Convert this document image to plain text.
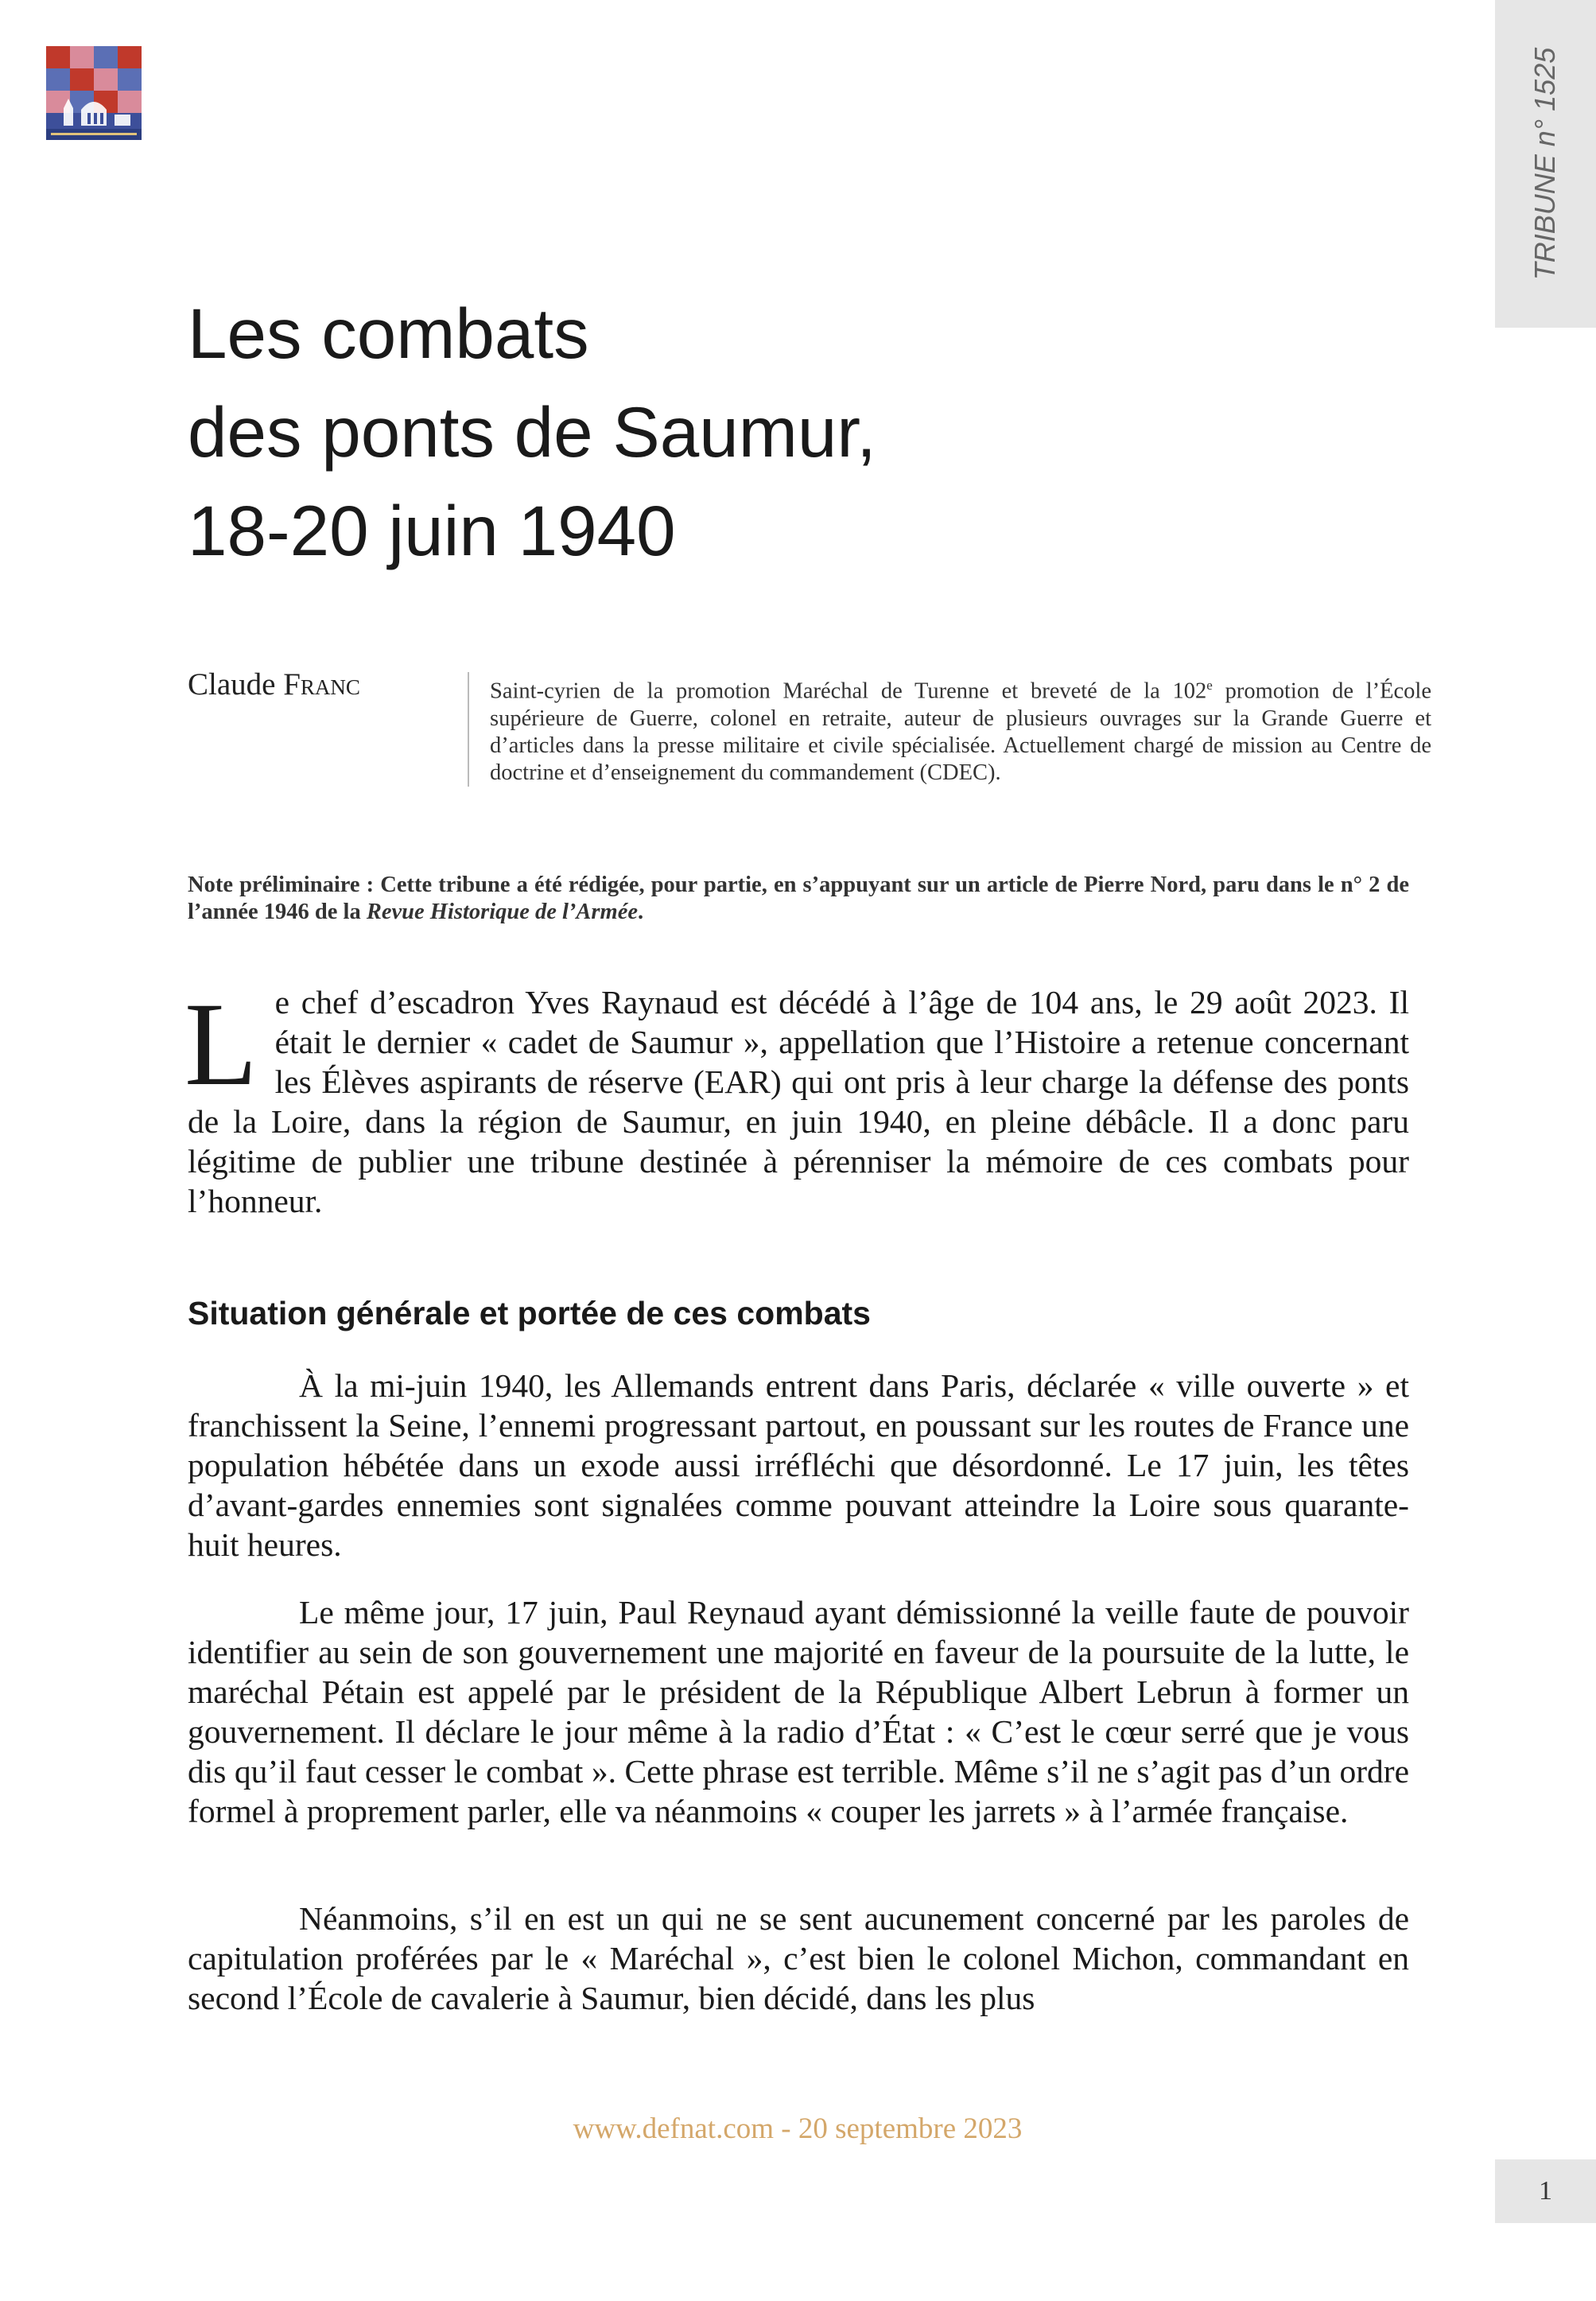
TRIBUNE n° 1525
Les combats
des ponts de Saumur,
18-20 juin 1940
Claude Franc	Saint-cyrien de la promotion Maréchal de Turenne et breveté de la 102e promotion de l’École supérieure de Guerre, colonel en retraite, auteur de plusieurs ouvrages sur la Grande Guerre et d’articles dans la presse militaire et civile spécialisée. Actuellement chargé de mission au Centre de doctrine et d’enseignement du commandement (CDEC).

Note préliminaire : Cette tribune a été rédigée, pour partie, en s’appuyant sur un article de Pierre Nord, paru dans le n° 2 de l’année 1946 de la Revue Historique de l’Armée.

Le chef d’escadron Yves Raynaud est décédé à l’âge de 104 ans, le 29 août 2023. Il était le dernier « cadet de Saumur », appellation que l’Histoire a retenue concernant les Élèves aspirants de réserve (EAR) qui ont pris à leur charge la défense des ponts de la Loire, dans la région de Saumur, en juin 1940, en pleine débâcle. Il a donc paru légitime de publier une tribune destinée à pérenniser la mémoire de ces combats pour l’honneur.

Situation générale et portée de ces combats

À la mi-juin 1940, les Allemands entrent dans Paris, déclarée « ville ouverte » et franchissent la Seine, l’ennemi progressant partout, en poussant sur les routes de France une population hébétée dans un exode aussi irréfléchi que désordonné. Le 17 juin, les têtes d’avant-gardes ennemies sont signalées comme pouvant atteindre la Loire sous quarante-huit heures.

Le même jour, 17 juin, Paul Reynaud ayant démissionné la veille faute de pouvoir identifier au sein de son gouvernement une majorité en faveur de la poursuite de la lutte, le maréchal Pétain est appelé par le président de la République Albert Lebrun à former un gouvernement. Il déclare le jour même à la radio d’État : « C’est le cœur serré que je vous dis qu’il faut cesser le combat ». Cette phrase est terrible. Même s’il ne s’agit pas d’un ordre formel à proprement parler, elle va néanmoins « couper les jarrets » à l’armée française.

Néanmoins, s’il en est un qui ne se sent aucunement concerné par les paroles de capitulation proférées par le « Maréchal », c’est bien le colonel Michon, commandant en second l’École de cavalerie à Saumur, bien décidé, dans les plus

www.defnat.com - 20 septembre 2023
1
